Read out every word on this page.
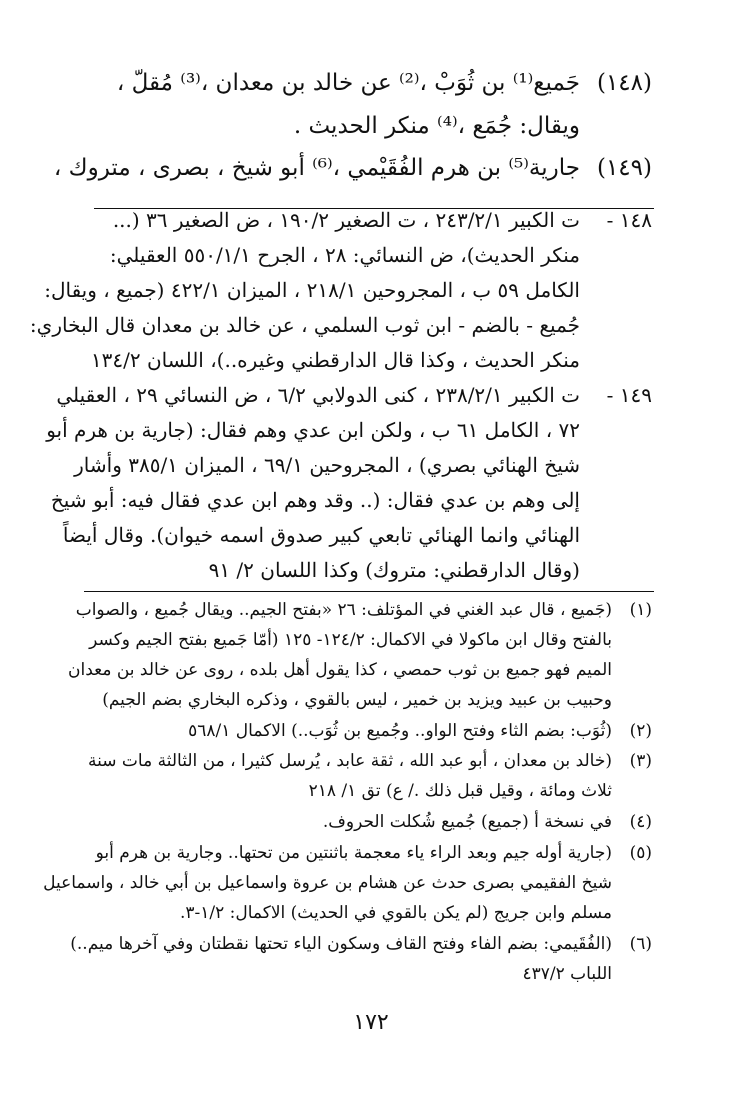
(١٤٨)
جَميع⁽¹⁾ بن ثُوَبْ ،⁽²⁾ عن خالد بن معدان ،⁽³⁾ مُقلّ ،
ويقال: جُمَع ،⁽⁴⁾ منكر الحديث .
(١٤٩)
جارية⁽⁵⁾ بن هرم الفُقَيْمي ،⁽⁶⁾ أبو شيخ ، بصرى ، متروك ،
١٤٨ -
ت الكبير ٢٤٣/٢/١ ، ت الصغير ١٩٠/٢ ، ض الصغير ٣٦ (...
منكر الحديث)، ض النسائي: ٢٨ ، الجرح ٥٥٠/١/١ العقيلي:
الكامل ٥٩ ب ، المجروحين ٢١٨/١ ، الميزان ٤٢٢/١ (جميع ، ويقال:
جُميع - بالضم - ابن ثوب السلمي ، عن خالد بن معدان قال البخاري:
منكر الحديث ، وكذا قال الدارقطني وغيره..)، اللسان ١٣٤/٢
١٤٩ -
ت الكبير ٢٣٨/٢/١ ، كنى الدولابي ٦/٢ ، ض النسائي ٢٩ ، العقيلي
٧٢ ، الكامل ٦١ ب ، ولكن ابن عدي وهم فقال: (جارية بن هرم أبو
شيخ الهنائي بصري) ، المجروحين ٦٩/١ ، الميزان ٣٨٥/١ وأشار
إلى وهم بن عدي فقال: (.. وقد وهم ابن عدي فقال فيه: أبو شيخ
الهنائي وانما الهنائي تابعي كبير صدوق اسمه خيوان). وقال أيضاً
(وقال الدارقطني: متروك) وكذا اللسان ٢/ ٩١
(١)
(جَميع ، قال عبد الغني في المؤتلف: ٢٦ «بفتح الجيم.. ويقال جُميع ، والصواب
بالفتح وقال ابن ماكولا في الاكمال: ١٢٤/٢- ١٢٥ (أمّا جَميع بفتح الجيم وكسر
الميم فهو جميع بن ثوب حمصي ، كذا يقول أهل بلده ، روى عن خالد بن معدان
وحبيب بن عبيد ويزيد بن خمير ، ليس بالقوي ، وذكره البخاري بضم الجيم)
(٢)
(ثُوَب: بضم الثاء وفتح الواو.. وجُميع بن ثُوَب..) الاكمال ٥٦٨/١
(٣)
(خالد بن معدان ، أبو عبد الله ، ثقة عابد ، يُرسل كثيرا ، من الثالثة مات سنة
ثلاث ومائة ، وقيل قبل ذلك ./ ع) تق ١/ ٢١٨
(٤)
في نسخة أ (جميع) جُميع شُكلت الحروف.
(٥)
(جارية أوله جيم وبعد الراء ياء معجمة باثنتين من تحتها.. وجارية بن هرم أبو
شيخ الفقيمي بصرى حدث عن هشام بن عروة واسماعيل بن أبي خالد ، واسماعيل
مسلم وابن جريج (لم يكن بالقوي في الحديث) الاكمال: ١/٢-٣.
(٦)
(الفُقَيمي: بضم الفاء وفتح القاف وسكون الياء تحتها نقطتان وفي آخرها ميم..)
اللباب ٤٣٧/٢
١٧٢
